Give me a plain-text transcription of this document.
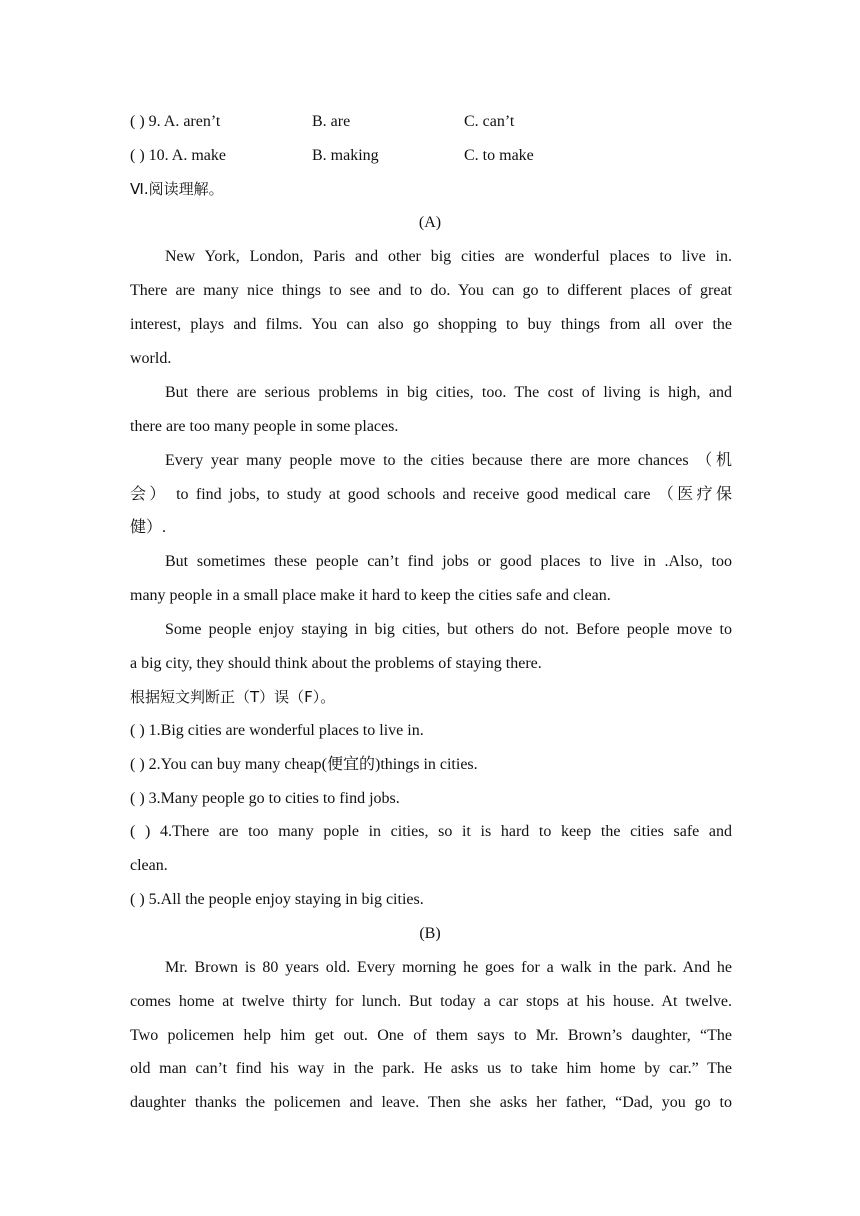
( ) 9. A. aren’t	B. are	C. can’t
( ) 10. A. make	B. making	C. to make
Ⅵ.阅读理解。
(A)
New York, London, Paris and other big cities are wonderful places to live in.
There are many nice things to see and to do. You can go to different places of great
interest, plays and films. You can also go shopping to buy things from all over the
world.
But there are serious problems in big cities, too. The cost of living is high, and
there are too many people in some places.
Every year many people move to the cities because there are more chances （机
会） to find jobs, to study at good schools and receive good medical care （医疗保
健）.
But sometimes these people can’t find jobs or good places to live in .Also, too
many people in a small place make it hard to keep the cities safe and clean.
Some people enjoy staying in big cities, but others do not. Before people move to
a big city, they should think about the problems of staying there.
根据短文判断正（T）误（F）。
( ) 1.Big cities are wonderful places to live in.
( ) 2.You can buy many cheap(便宜的)things in cities.
( ) 3.Many people go to cities to find jobs.
( ) 4.There are too many pople in cities, so it is hard to keep the cities safe and
clean.
( ) 5.All the people enjoy staying in big cities.
(B)
Mr. Brown is 80 years old. Every morning he goes for a walk in the park. And he
comes home at twelve thirty for lunch. But today a car stops at his house. At twelve.
Two policemen help him get out. One of them says to Mr. Brown’s daughter, “The
old man can’t find his way in the park. He asks us to take him home by car.” The
daughter thanks the policemen and leave. Then she asks her father, “Dad, you go to
